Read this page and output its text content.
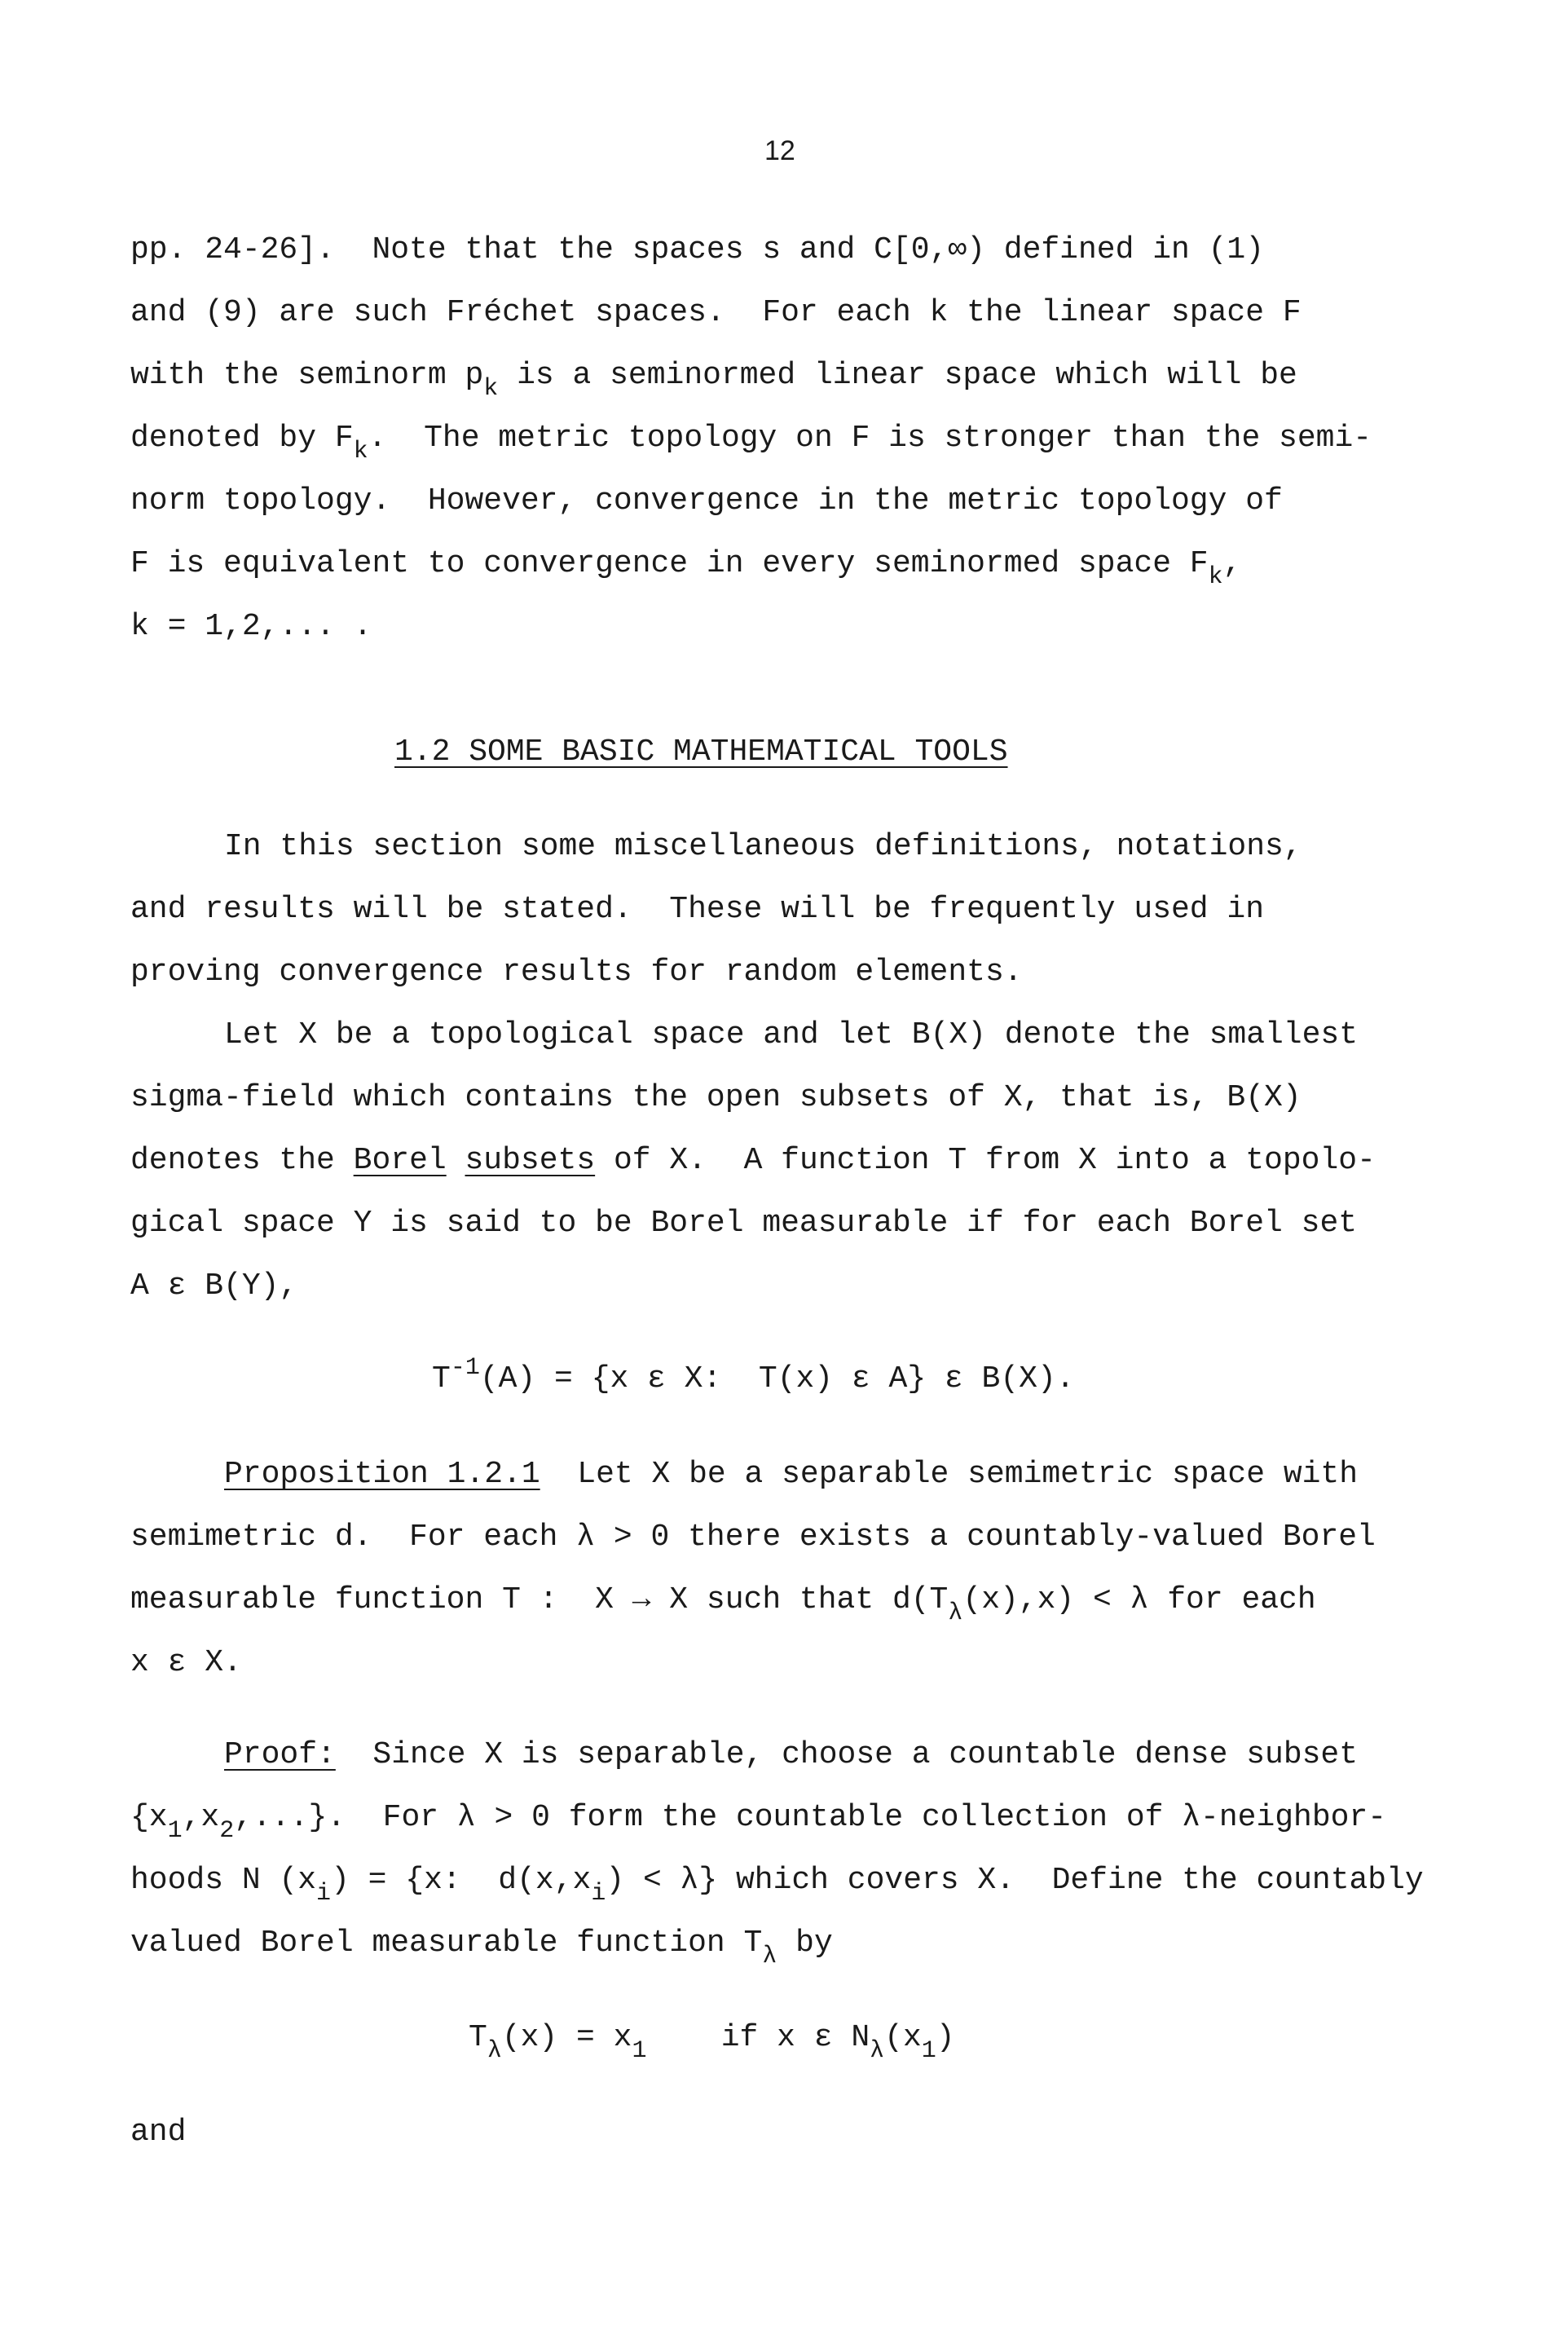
12
pp. 24-26].  Note that the spaces s and C[0,∞) defined in (1)
and (9) are such Fréchet spaces.  For each k the linear space F
with the seminorm $p_k$ is a seminormed linear space which will be
denoted by $F_k$.  The metric topology on F is stronger than the semi-
norm topology.  However, convergence in the metric topology of
F is equivalent to convergence in every seminormed space $F_k$,
k = 1,2,... .
1.2 SOME BASIC MATHEMATICAL TOOLS
In this section some miscellaneous definitions, notations,
and results will be stated.  These will be frequently used in
proving convergence results for random elements.
Let X be a topological space and let B(X) denote the smallest
sigma-field which contains the open subsets of X, that is, B(X)
denotes the Borel subsets of X.  A function T from X into a topolo-
gical space Y is said to be Borel measurable if for each Borel set
A ε B(Y),
$T^{-1}(A) = \{x$ ε X:  T(x) ε A} ε B(X).
Proposition 1.2.1  Let X be a separable semimetric space with
semimetric d.  For each λ > 0 there exists a countably-valued Borel
measurable function T :  X → X such that $d(T_\lambda(x),x) < \lambda$ for each
x ε X.
Proof:  Since X is separable, choose a countable dense subset
$\{x_1,x_2,...\}$.  For λ > 0 form the countable collection of λ-neighbor-
hoods N $(x_i) = \{x$:  $d(x,x_i) < \lambda$} which covers X.  Define the countably
valued Borel measurable function $T_\lambda$ by
$T_\lambda(x) = x_1$    if x ε $N_\lambda(x_1)$
and
